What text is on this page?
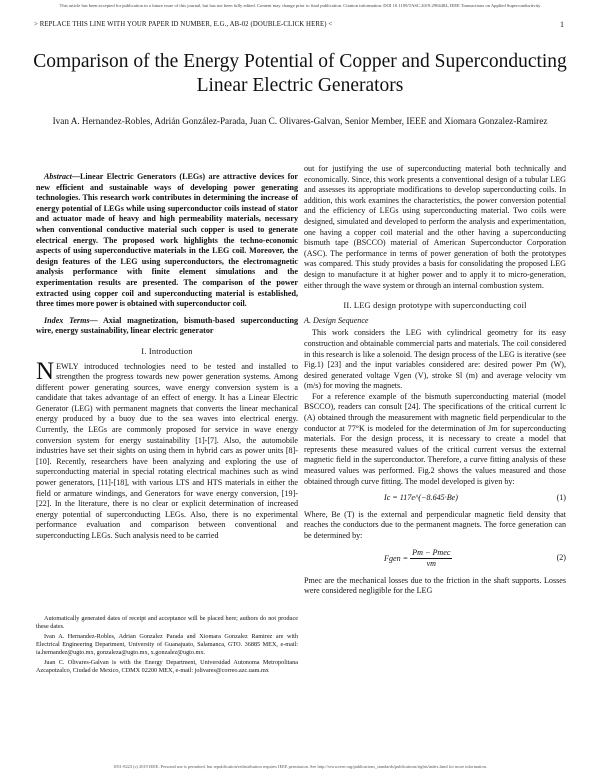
This article has been accepted for publication in a future issue of this journal, but has not been fully edited. Content may change prior to final publication. Citation information: DOI 10.1109/TASC.2019.2904484, IEEE Transactions on Applied Superconductivity
> REPLACE THIS LINE WITH YOUR PAPER ID NUMBER, E.G., AB-02 (DOUBLE-CLICK HERE) <	1
Comparison of the Energy Potential of Copper and Superconducting Linear Electric Generators
Ivan A. Hernandez-Robles, Adrián González-Parada, Juan C. Olivares-Galvan, Senior Member, IEEE and Xiomara Gonzalez-Ramirez

Abstract—Linear Electric Generators (LEGs) are attractive devices for new efficient and sustainable ways of developing power generating technologies. This research work contributes in determining the increase of energy potential of LEGs while using superconductor coils instead of stator and actuator made of heavy and high permeability materials, necessary when conventional conductive material such copper is used to generate electrical energy. The proposed work highlights the techno-economic aspects of using superconductive materials in the LEG coil. Moreover, the design features of the LEG using superconductors, the electromagnetic analysis performance with finite element simulations and the experimentation results are presented. The comparison of the power extracted using copper coil and superconducting material is established, three times more power is obtained with superconductor coil.

Index Terms— Axial magnetization, bismuth-based superconducting wire, energy sustainability, linear electric generator

I. Introduction

NEWLY introduced technologies need to be tested and installed to strengthen the progress towards new power generation systems. Among different power generating sources, wave energy conversion system is a candidate that takes advantage of an effect of energy. It has a Linear Electric Generator (LEG) with permanent magnets that converts the linear mechanical energy produced by a buoy due to the sea waves into electrical energy. Currently, the LEGs are commonly proposed for service in wave energy conversion system for energy sustainability [1]-[7]. Also, the automobile industries have set their sights on using them in hybrid cars as power units [8]-[10]. Recently, researchers have been analyzing and exploring the use of superconducting material in special rotating electrical machines such as wind power generators, [11]-[18], with various LTS and HTS materials in either the field or armature windings, and Generators for wave energy conversion, [19]-[22]. In the literature, there is no clear or explicit determination of increased energy potential of superconducting LEGs. Also, there is no experimental performance evaluation and comparison between conventional and superconducting LEGs. Such analysis need to be carried

Automatically generated dates of receipt and acceptance will be placed here; authors do not produce these dates.

Ivan A. Hernandez-Robles, Adrian Gonzalez Parada and Xiomara Gonzalez Ramirez are with Electrical Engineering Department, University of Guanajuato, Salamanca, GTO. 36885 MEX, e-mail: ia.hernandez@ugto.mx, gonzaleza@ugto.mx, x.gonzalez@ugto.mx.

Juan C. Olivares-Galvan is with the Energy Department, Universidad Autonoma Metropolitana Azcapotzalco, Ciudad de Mexico, CDMX 02200 MEX, e-mail: jolivares@correo.azc.uam.mx

out for justifying the use of superconducting material both technically and economically. Since, this work presents a conventional design of a tubular LEG and assesses its appropriate modifications to develop superconducting coils. In addition, this work examines the characteristics, the power conversion potential and the efficiency of LEGs using superconducting material. Two coils were designed, simulated and developed to perform the analysis and experimentation, one having a copper coil material and the other having a superconducting bismuth tape (BSCCO) material of American Superconductor Corporation (ASC). The performance in terms of power generation of both the prototypes was compared. This study provides a basis for consolidating the proposed LEG design to manufacture it at higher power and to apply it to micro-generation, either through the wave system or through an internal combustion system.

II. LEG design prototype with superconducting coil

A. Design Sequence

This work considers the LEG with cylindrical geometry for its easy construction and obtainable commercial parts and materials. The coil considered in this research is like a solenoid. The design process of the LEG is iterative (see Fig.1) [23] and the input variables considered are: desired power Pm (W), desired generated voltage Vgen (V), stroke Sl (m) and average velocity vm (m/s) for moving the magnets.

For a reference example of the bismuth superconducting material (model BSCCO), readers can consult [24]. The specifications of the critical current Ic (A) obtained through the measurement with magnetic field perpendicular to the conductor at 77°K is modeled for the determination of Jm for superconducting materials. For the design process, it is necessary to create a model that represents these measured values of the critical current versus the external magnetic field in the superconductor. Therefore, a curve fitting analysis of these measured values was performed. Fig.2 shows the values measured and those obtained through curve fitting. The model developed is given by:

Ic = 117e^(−8.645·Be)	(1)

Where, Be (T) is the external and perpendicular magnetic field density that reaches the conductors due to the permanent magnets. The force generation can be determined by:

Fgen = $\frac{\text{Pm − Pmec}}{vm}$	(2)

Pmec are the mechanical losses due to the friction in the shaft supports. Losses were considered negligible for the LEG

1051-8223 (c) 2019 IEEE. Personal use is permitted, but republication/redistribution requires IEEE permission. See http://www.ieee.org/publications_standards/publications/rights/index.html for more information.
